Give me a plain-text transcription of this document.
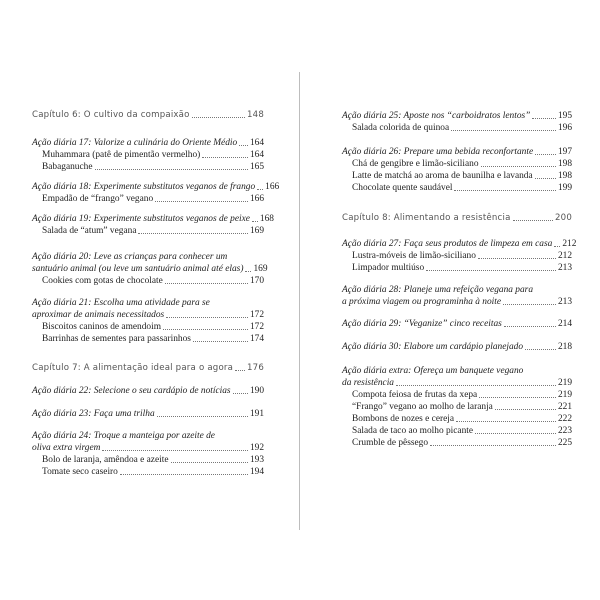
Capítulo 6: O cultivo da compaixão	148
Ação diária 17: Valorize a culinária do Oriente Médio 164
Muhammara (patê de pimentão vermelho)	164
Babaganuche	165
Ação diária 18: Experimente substitutos veganos de frango 166
Empadão de “frango” vegano	166
Ação diária 19: Experimente substitutos veganos de peixe 168
Salada de “atum” vegana	169
Ação diária 20: Leve as crianças para conhecer um
santuário animal (ou leve um santuário animal até elas) 169
Cookies com gotas de chocolate	170
Ação diária 21: Escolha uma atividade para se
aproximar de animais necessitados	172
Biscoitos caninos de amendoim	172
Barrinhas de sementes para passarinhos	174
Capítulo 7: A alimentação ideal para o agora 176
Ação diária 22: Selecione o seu cardápio de notícias 190
Ação diária 23: Faça uma trilha	191
Ação diária 24: Troque a manteiga por azeite de
oliva extra virgem	192
Bolo de laranja, amêndoa e azeite	193
Tomate seco caseiro	194
Ação diária 25: Aposte nos “carboidratos lentos”	195
Salada colorida de quinoa	196
Ação diária 26: Prepare uma bebida reconfortante	197
Chá de gengibre e limão-siciliano	198
Latte de matchá ao aroma de baunilha e lavanda	198
Chocolate quente saudável	199
Capítulo 8: Alimentando a resistência	200
Ação diária 27: Faça seus produtos de limpeza em casa 212
Lustra-móveis de limão-siciliano	212
Limpador multiúso	213
Ação diária 28: Planeje uma refeição vegana para
a próxima viagem ou programinha à noite	213
Ação diária 29: “Veganize” cinco receitas	214
Ação diária 30: Elabore um cardápio planejado	218
Ação diária extra: Ofereça um banquete vegano
da resistência	219
Compota feiosa de frutas da xepa	219
“Frango” vegano ao molho de laranja	221
Bombons de nozes e cereja	222
Salada de taco ao molho picante	223
Crumble de pêssego	225
